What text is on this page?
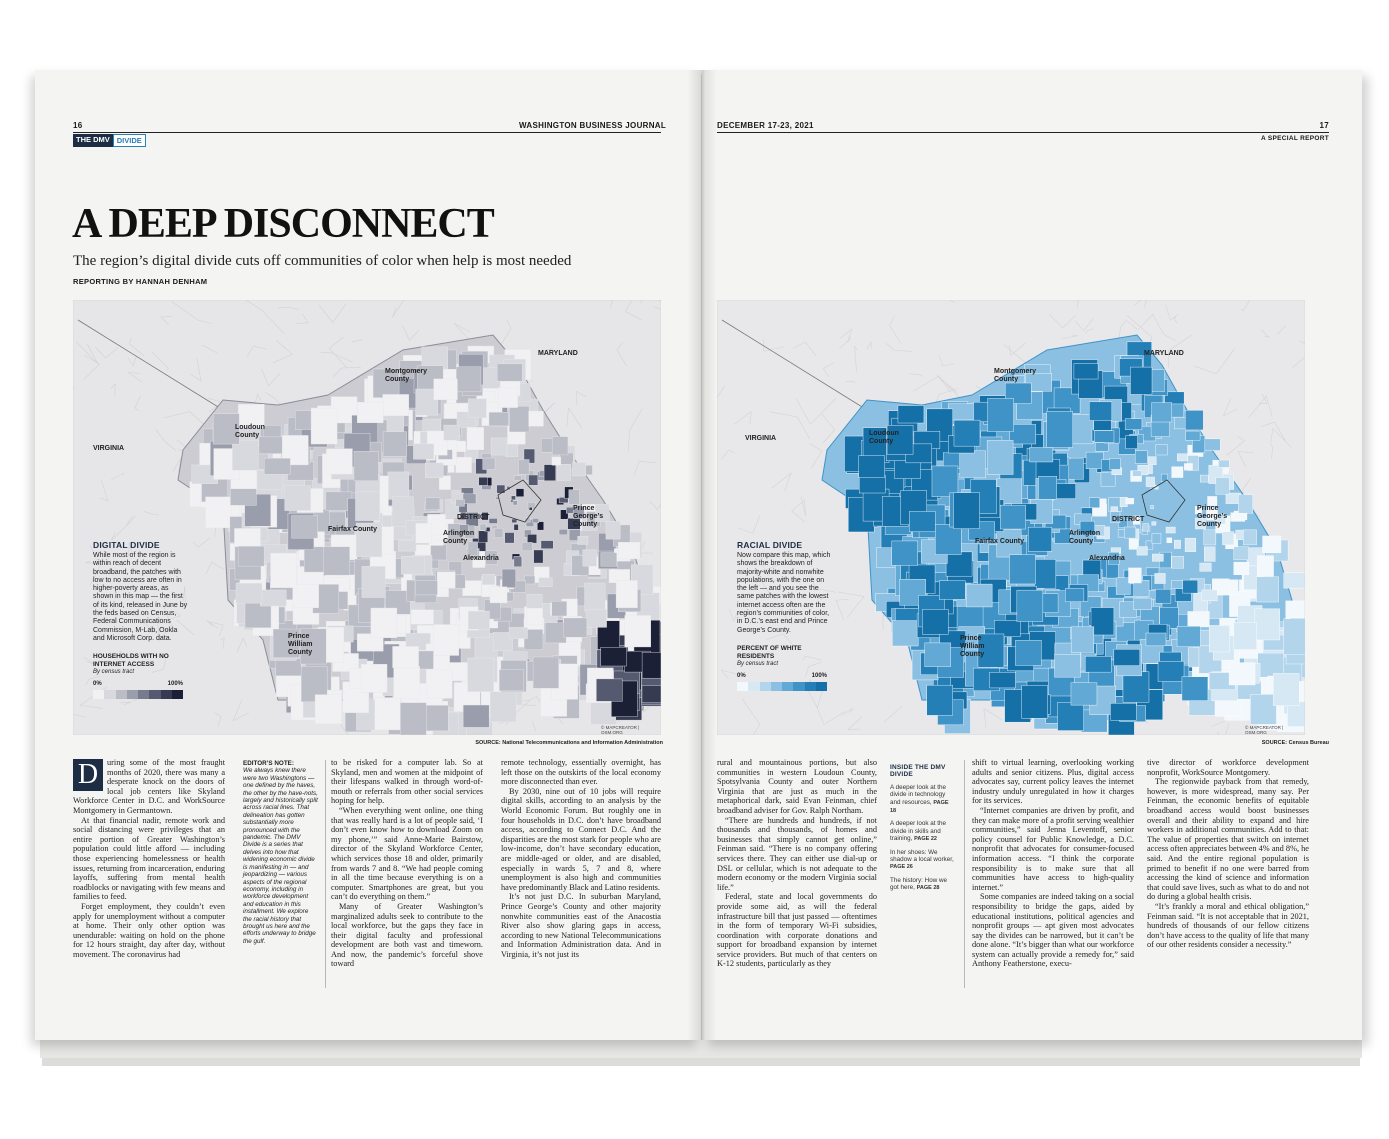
16	WASHINGTON BUSINESS JOURNAL
THE DMV DIVIDE
A DEEP DISCONNECT
The region’s digital divide cuts off communities of color when help is most needed
REPORTING BY HANNAH DENHAM
MARYLAND
VIRGINIA
Montgomery County
Loudoun County
Fairfax County
Arlington County
DISTRICT
Alexandria
Prince George’s County
Prince William County
DIGITAL DIVIDE
While most of the region is within reach of decent broadband, the patches with low to no access are often in higher-poverty areas, as shown in this map — the first of its kind, released in June by the feds based on Census, Federal Communications Commission, M-Lab, Ookla and Microsoft Corp. data.
HOUSEHOLDS WITH NO INTERNET ACCESS
By census tract
0%	100%
© MAPCREATOR | OSM.ORG
SOURCE: National Telecommunications and Information Administration

D	uring some of the most fraught months of 2020, there was many a desperate knock on the doors of local job centers like Skyland Workforce Center in D.C. and WorkSource Montgomery in Germantown.

At that financial nadir, remote work and social distancing were privileges that an entire portion of Greater Washington’s population could little afford — including those experiencing homelessness or health issues, returning from incarceration, enduring layoffs, suffering from mental health roadblocks or navigating with few means and families to feed.

Forget employment, they couldn’t even apply for unemployment without a computer at home. Their only other option was unendurable: waiting on hold on the phone for 12 hours straight, day after day, without movement. The coronavirus had

EDITOR’S NOTE:
We always knew there were two Washingtons — one defined by the haves, the other by the have-nots, largely and historically split across racial lines. That delineation has gotten substantially more pronounced with the pandemic. The DMV Divide is a series that delves into how that widening economic divide is manifesting in — and jeopardizing — various aspects of the regional economy, including in workforce development and education in this installment. We explore the racial history that brought us here and the efforts underway to bridge the gulf.

to be risked for a computer lab. So at Skyland, men and women at the midpoint of their lifespans walked in through word-of-mouth or referrals from other social services hoping for help.

“When everything went online, one thing that was really hard is a lot of people said, ‘I don’t even know how to download Zoom on my phone,’” said Anne-Marie Bairstow, director of the Skyland Workforce Center, which services those 18 and older, primarily from wards 7 and 8. “We had people coming in all the time because everything is on a computer. Smartphones are great, but you can’t do everything on them.”

Many of Greater Washington’s marginalized adults seek to contribute to the local workforce, but the gaps they face in their digital faculty and professional development are both vast and timeworn. And now, the pandemic’s forceful shove toward

remote technology, essentially overnight, has left those on the outskirts of the local economy more disconnected than ever.

By 2030, nine out of 10 jobs will require digital skills, according to an analysis by the World Economic Forum. But roughly one in four households in D.C. don’t have broadband access, according to Connect D.C. And the disparities are the most stark for people who are low-income, don’t have secondary education, are middle-aged or older, and are disabled, especially in wards 5, 7 and 8, where unemployment is also high and communities have predominantly Black and Latino residents.

It’s not just D.C. In suburban Maryland, Prince George’s County and other majority nonwhite communities east of the Anacostia River also show glaring gaps in access, according to new National Telecommunications and Information Administration data. And in Virginia, it’s not just its

DECEMBER 17-23, 2021	17
A SPECIAL REPORT
MARYLAND
VIRGINIA
Montgomery County
Loudoun County
Fairfax County
Arlington County
DISTRICT
Alexandria
Prince George’s County
Prince William County
RACIAL DIVIDE
Now compare this map, which shows the breakdown of majority-white and nonwhite populations, with the one on the left — and you see the same patches with the lowest internet access often are the region’s communities of color, in D.C.’s east end and Prince George’s County.
PERCENT OF WHITE RESIDENTS
By census tract
0%	100%
© MAPCREATOR | OSM.ORG
SOURCE: Census Bureau

rural and mountainous portions, but also communities in western Loudoun County, Spotsylvania County and outer Northern Virginia that are just as much in the metaphorical dark, said Evan Feinman, chief broadband adviser for Gov. Ralph Northam.

“There are hundreds and hundreds, if not thousands and thousands, of homes and businesses that simply cannot get online,” Feinman said. “There is no company offering services there. They can either use dial-up or DSL or cellular, which is not adequate to the modern economy or the modern Virginia social life.”

Federal, state and local governments do provide some aid, as will the federal infrastructure bill that just passed — oftentimes in the form of temporary Wi-Fi subsidies, coordination with corporate donations and support for broadband expansion by internet service providers. But much of that centers on K-12 students, particularly as they

INSIDE THE DMV DIVIDE
A deeper look at the divide in technology and resources, PAGE 18
A deeper look at the divide in skills and training, PAGE 22
In her shoes: We shadow a local worker, PAGE 26
The history: How we got here, PAGE 28

shift to virtual learning, overlooking working adults and senior citizens. Plus, digital access advocates say, current policy leaves the internet industry unduly unregulated in how it charges for its services.

“Internet companies are driven by profit, and they can make more of a profit serving wealthier communities,” said Jenna Leventoff, senior policy counsel for Public Knowledge, a D.C. nonprofit that advocates for consumer-focused information access. “I think the corporate responsibility is to make sure that all communities have access to high-quality internet.”

Some companies are indeed taking on a social responsibility to bridge the gaps, aided by educational institutions, political agencies and nonprofit groups — apt given most advocates say the divides can be narrowed, but it can’t be done alone. “It’s bigger than what our workforce system can actually provide a remedy for,” said Anthony Featherstone, execu-

tive director of workforce development nonprofit, WorkSource Montgomery.

The regionwide payback from that remedy, however, is more widespread, many say. Per Feinman, the economic benefits of equitable broadband access would boost businesses overall and their ability to expand and hire workers in additional communities. Add to that: The value of properties that switch on internet access often appreciates between 4% and 8%, he said. And the entire regional population is primed to benefit if no one were barred from accessing the kind of science and information that could save lives, such as what to do and not do during a global health crisis.

“It’s frankly a moral and ethical obligation,” Feinman said. “It is not acceptable that in 2021, hundreds of thousands of our fellow citizens don’t have access to the quality of life that many of our other residents consider a necessity.”
